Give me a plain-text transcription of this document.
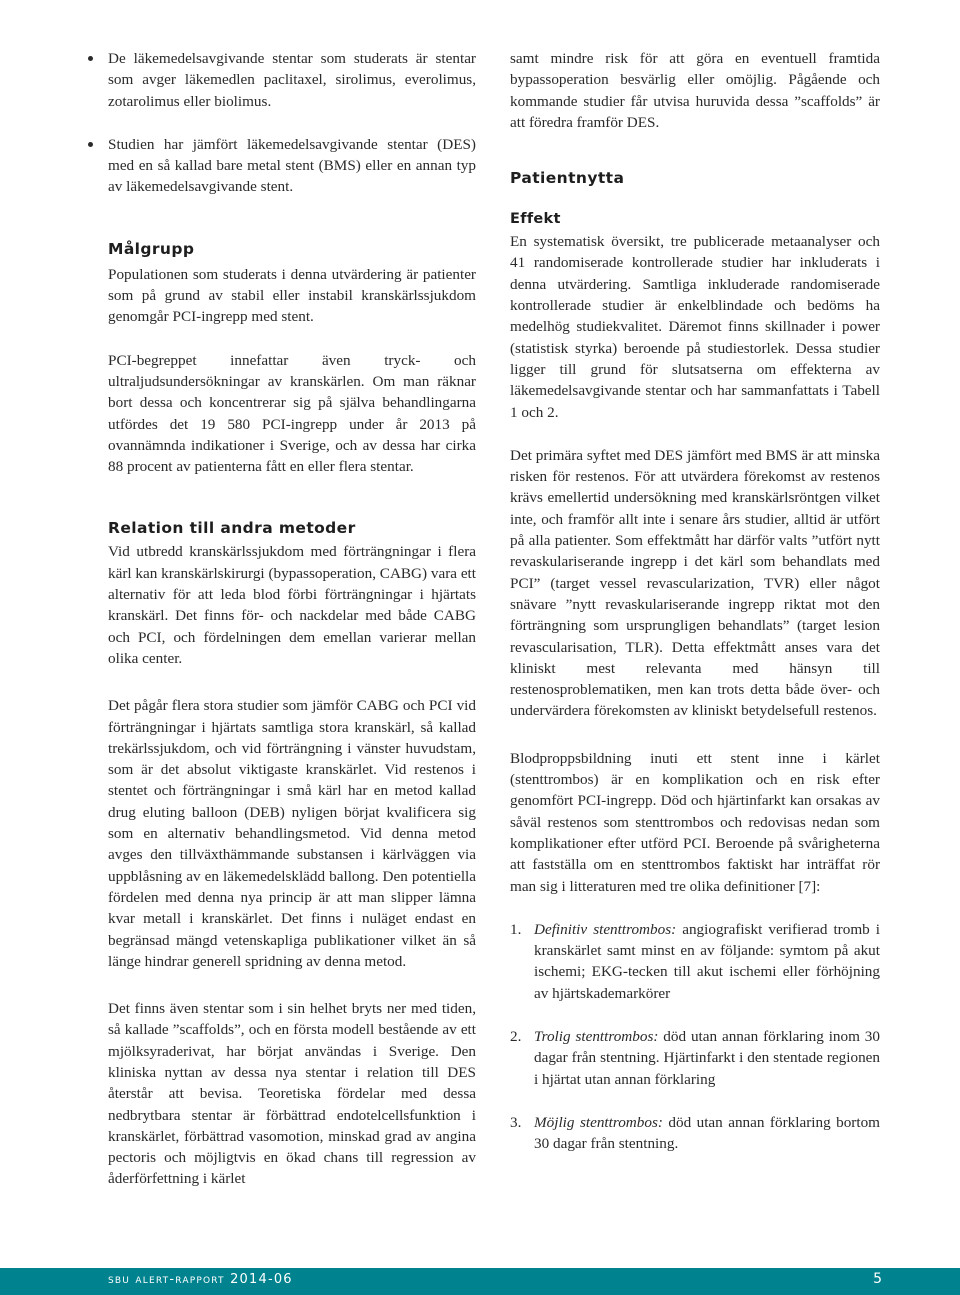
De läkemedelsavgivande stentar som studerats är stentar som avger läkemedlen paclitaxel, sirolimus, everolimus, zotarolimus eller biolimus.
Studien har jämfört läkemedelsavgivande stentar (DES) med en så kallad bare metal stent (BMS) eller en annan typ av läkemedelsavgivande stent.
Målgrupp

Populationen som studerats i denna utvärdering är patienter som på grund av stabil eller instabil kranskärlssjukdom genomgår PCI-ingrepp med stent.

PCI-begreppet innefattar även tryck- och ultraljudsundersökningar av kranskärlen. Om man räknar bort dessa och koncentrerar sig på själva behandlingarna utfördes det 19 580 PCI-ingrepp under år 2013 på ovannämnda indikationer i Sverige, och av dessa har cirka 88 procent av patienterna fått en eller flera stentar.

Relation till andra metoder

Vid utbredd kranskärlssjukdom med förträngningar i flera kärl kan kranskärlskirurgi (bypassoperation, CABG) vara ett alternativ för att leda blod förbi förträngningar i hjärtats kranskärl. Det finns för- och nackdelar med både CABG och PCI, och fördelningen dem emellan varierar mellan olika center.

Det pågår flera stora studier som jämför CABG och PCI vid förträngningar i hjärtats samtliga stora kranskärl, så kallad trekärlssjukdom, och vid förträngning i vänster huvudstam, som är det absolut viktigaste kranskärlet. Vid restenos i stentet och förträngningar i små kärl har en metod kallad drug eluting balloon (DEB) nyligen börjat kvalificera sig som en alternativ behandlingsmetod. Vid denna metod avges den tillväxthämmande substansen i kärlväggen via uppblåsning av en läkemedelsklädd ballong. Den potentiella fördelen med denna nya princip är att man slipper lämna kvar metall i kranskärlet. Det finns i nuläget endast en begränsad mängd vetenskapliga publikationer vilket än så länge hindrar generell spridning av denna metod.

Det finns även stentar som i sin helhet bryts ner med tiden, så kallade ”scaffolds”, och en första modell bestående av ett mjölksyraderivat, har börjat användas i Sverige. Den kliniska nyttan av dessa nya stentar i relation till DES återstår att bevisa. Teoretiska fördelar med dessa nedbrytbara stentar är förbättrad endotelcellsfunktion i kranskärlet, förbättrad vasomotion, minskad grad av angina pectoris och möjligtvis en ökad chans till regression av åderförfettning i kärlet

samt mindre risk för att göra en eventuell framtida bypassoperation besvärlig eller omöjlig. Pågående och kommande studier får utvisa huruvida dessa ”scaffolds” är att föredra framför DES.

Patientnytta
Effekt

En systematisk översikt, tre publicerade metaanalyser och 41 randomiserade kontrollerade studier har inkluderats i denna utvärdering. Samtliga inkluderade randomiserade kontrollerade studier är enkelblindade och bedöms ha medelhög studiekvalitet. Däremot finns skillnader i power (statistisk styrka) beroende på studiestorlek. Dessa studier ligger till grund för slutsatserna om effekterna av läkemedelsavgivande stentar och har sammanfattats i Tabell 1 och 2.

Det primära syftet med DES jämfört med BMS är att minska risken för restenos. För att utvärdera förekomst av restenos krävs emellertid undersökning med kranskärlsröntgen vilket inte, och framför allt inte i senare års studier, alltid är utfört på alla patienter. Som effektmått har därför valts ”utfört nytt revaskulariserande ingrepp i det kärl som behandlats med PCI” (target vessel revascularization, TVR) eller något snävare ”nytt revaskulariserande ingrepp riktat mot den förträngning som ursprungligen behandlats” (target lesion revascularisation, TLR). Detta effektmått anses vara det kliniskt mest relevanta med hänsyn till restenosproblematiken, men kan trots detta både över- och undervärdera förekomsten av kliniskt betydelsefull restenos.

Blodproppsbildning inuti ett stent inne i kärlet (stenttrombos) är en komplikation och en risk efter genomfört PCI-ingrepp. Död och hjärtinfarkt kan orsakas av såväl restenos som stenttrombos och redovisas nedan som komplikationer efter utförd PCI. Beroende på svårigheterna att fastställa om en stenttrombos faktiskt har inträffat rör man sig i litteraturen med tre olika definitioner [7]:

1. Definitiv stenttrombos: angiografiskt verifierad tromb i kranskärlet samt minst en av följande: symtom på akut ischemi; EKG-tecken till akut ischemi eller förhöjning av hjärtskademarkörer
2. Trolig stenttrombos: död utan annan förklaring inom 30 dagar från stentning. Hjärtinfarkt i den stentade regionen i hjärtat utan annan förklaring
3. Möjlig stenttrombos: död utan annan förklaring bortom 30 dagar från stentning.
sbu alert-rapport 2014-06	5
